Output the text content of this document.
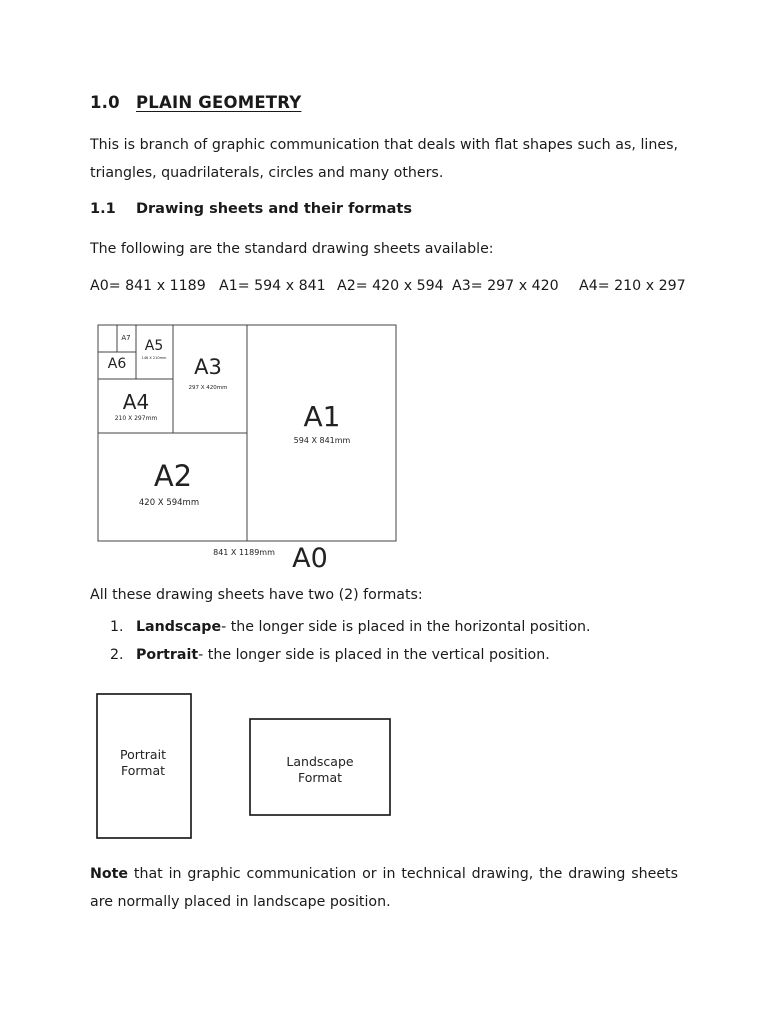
1.0 PLAIN GEOMETRY
This is branch of graphic communication that deals with flat shapes such as, lines, triangles, quadrilaterals, circles and many others.
1.1 Drawing sheets and their formats
The following are the standard drawing sheets available:
A0= 841 x 1189 A1= 594 x 841 A2= 420 x 594 A3= 297 x 420 A4= 210 x 297
A7 A5
148 X 210mm
A6	A3
297 X 420mm
A4
210 X 297mm	A1
594 X 841mm
A2
420 X 594mm
841 X 1189mm A0
All these drawing sheets have two (2) formats:
1. Landscape- the longer side is placed in the horizontal position.
2. Portrait- the longer side is placed in the vertical position.
Portrait
Format
Landscape
Format
Note that in graphic communication or in technical drawing, the drawing sheets are normally placed in landscape position.
